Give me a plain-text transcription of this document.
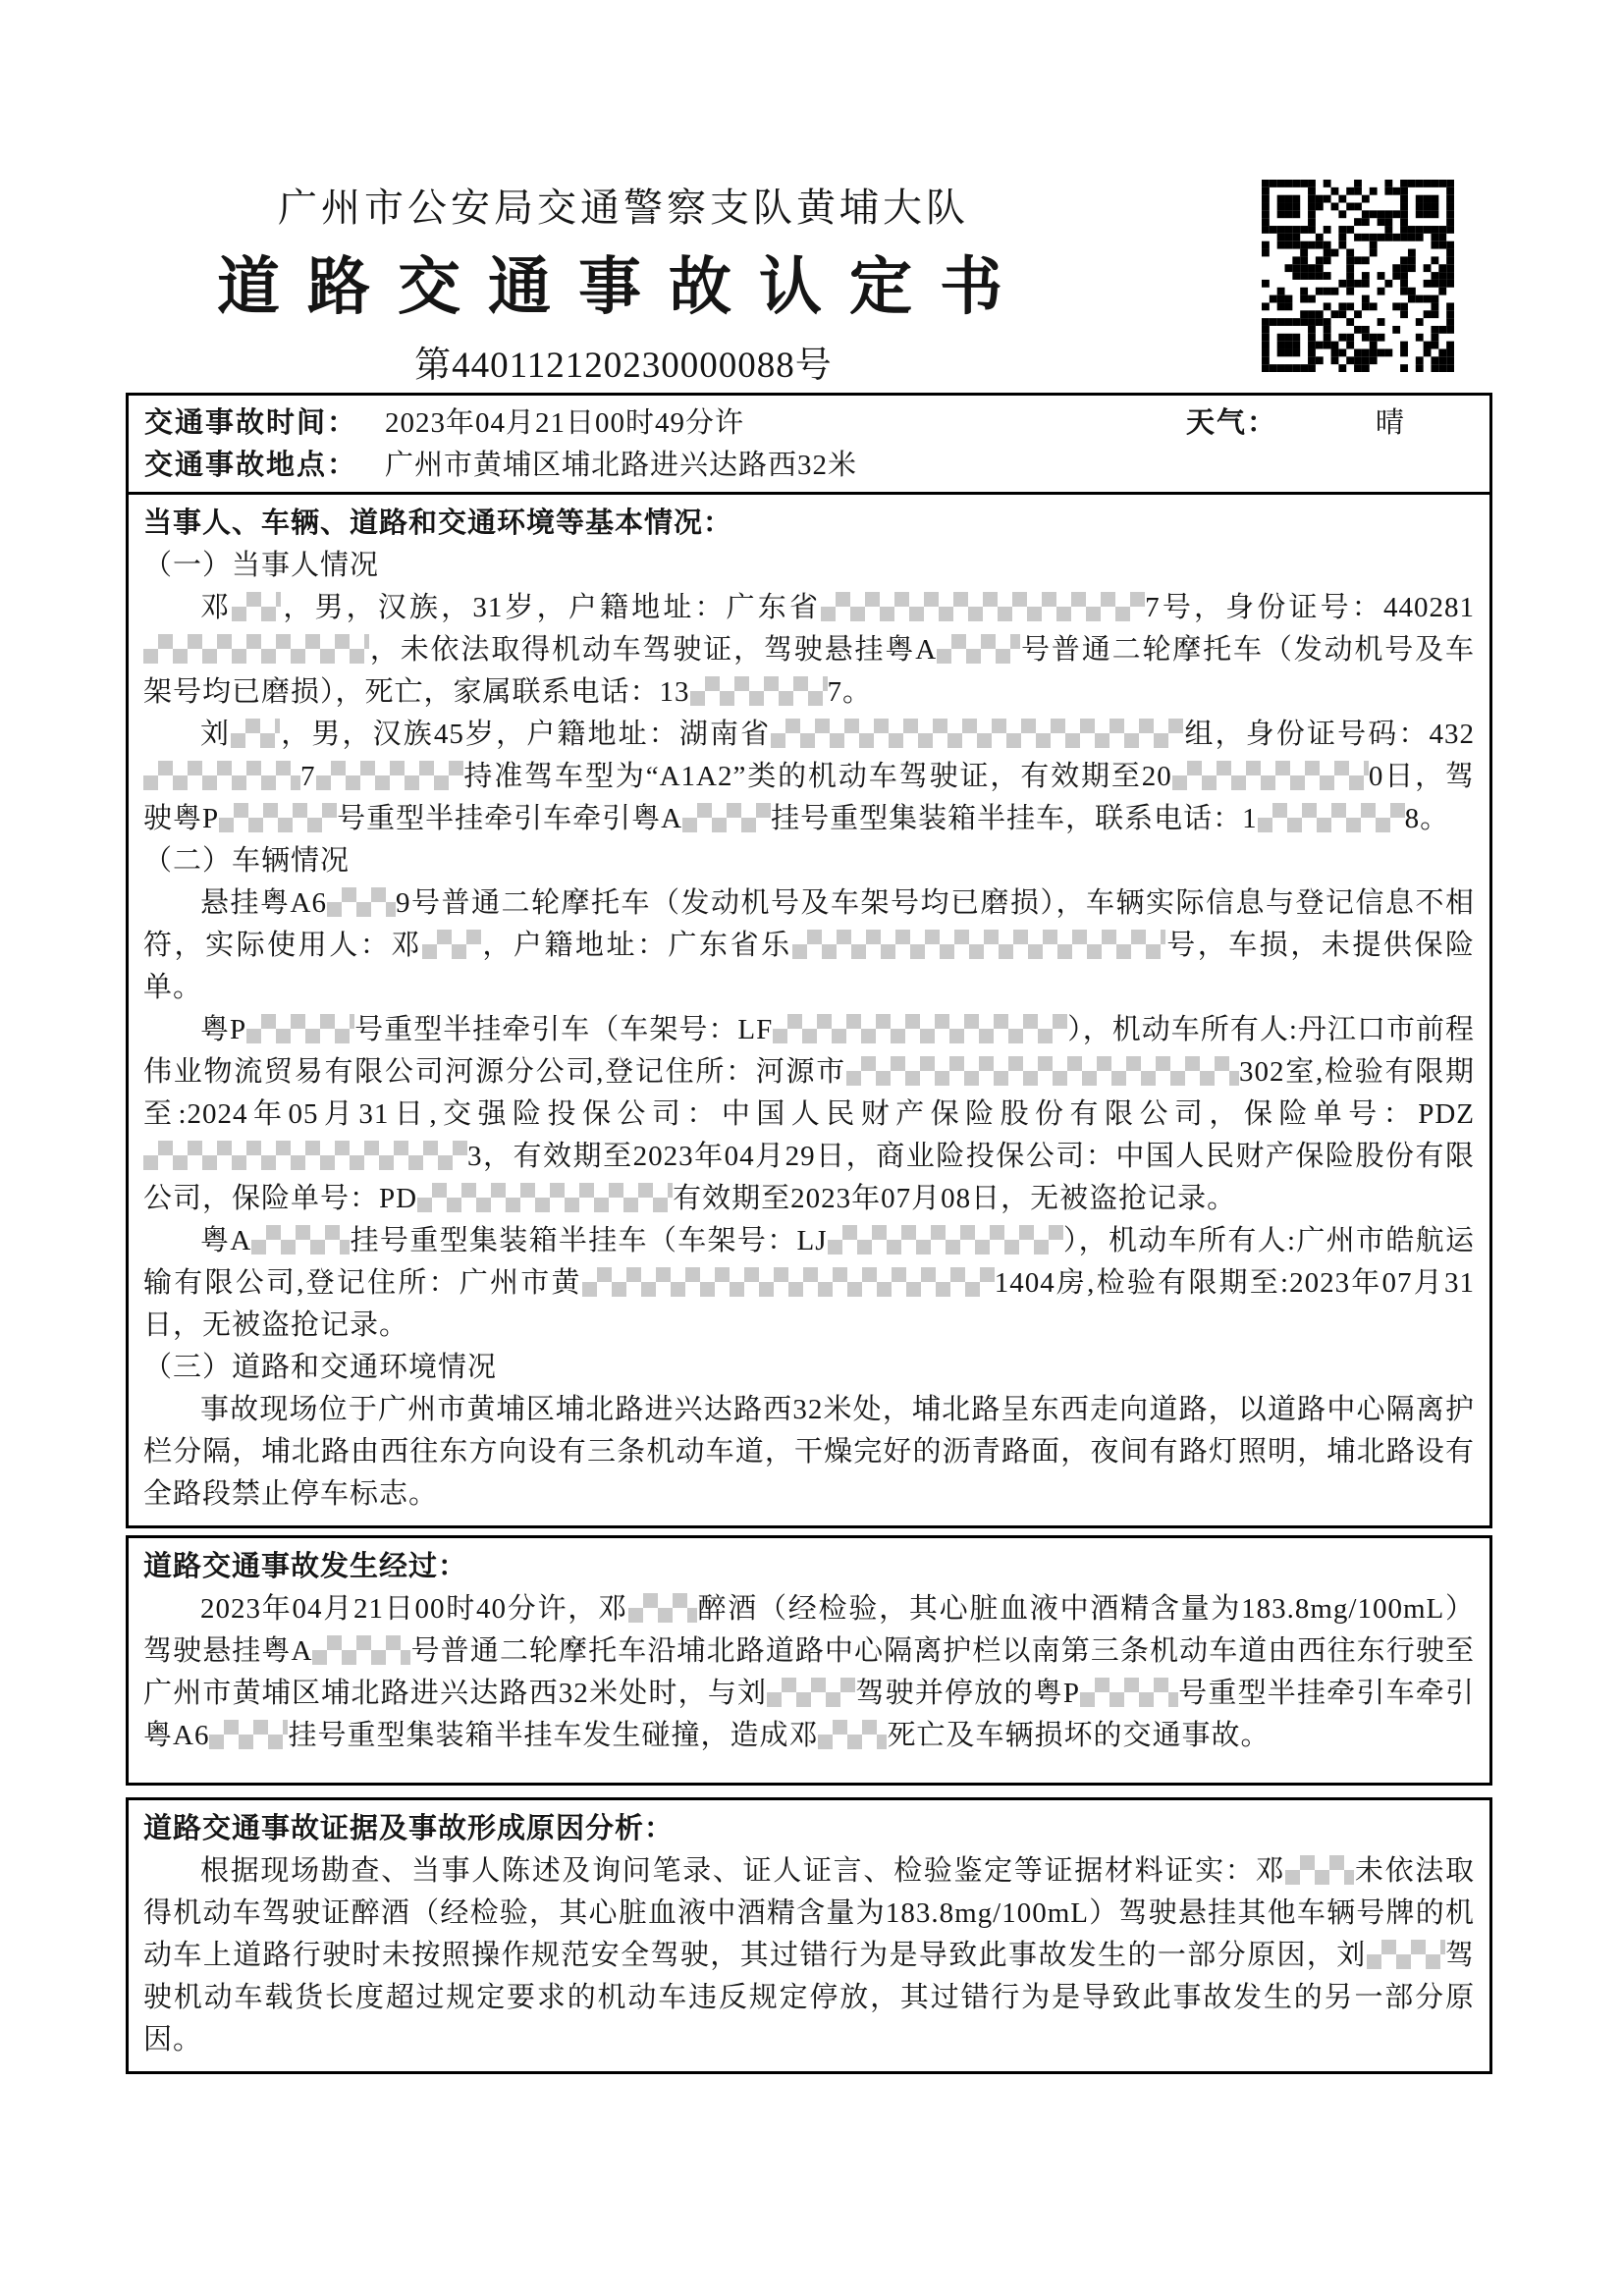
广州市公安局交通警察支队黄埔大队
道路交通事故认定书
第440112120230000088号
交通事故时间： 2023年04月21日00时49分许	天气：	晴
交通事故地点： 广州市黄埔区埔北路进兴达路西32米
当事人、车辆、道路和交通环境等基本情况：

（一）当事人情况

邓 ，男，汉族，31岁，户籍地址：广东省	7号，身份证号：440281，未依法取得机动车驾驶证，驾驶悬挂粤A	号普通二轮摩托车（发动机号及车架号均已磨损），死亡，家属联系电话：13	7。

刘 ，男，汉族45岁，户籍地址：湖南省	组，身份证号码：4327	持准驾车型为“A1A2”类的机动车驾驶证，有效期至20	0日，驾驶粤P	号重型半挂牵引车牵引粤A	挂号重型集装箱半挂车，联系电话：1	8。

（二）车辆情况

悬挂粤A6 9号普通二轮摩托车（发动机号及车架号均已磨损），车辆实际信息与登记信息不相符，实际使用人：邓 ，户籍地址：广东省乐	号，车损，未提供保险单。

粤P	号重型半挂牵引车（车架号：LF	），机动车所有人:丹江口市前程伟业物流贸易有限公司河源分公司,登记住所：河源市	302室,检验有限期至:2024年05月31日,交强险投保公司：中国人民财产保险股份有限公司，保险单号：PDZ3，有效期至2023年04月29日，商业险投保公司：中国人民财产保险股份有限公司，保险单号：PD	有效期至2023年07月08日，无被盗抢记录。

粤A	挂号重型集装箱半挂车（车架号：LJ	），机动车所有人:广州市皓航运输有限公司,登记住所：广州市黄	1404房,检验有限期至:2023年07月31日，无被盗抢记录。

（三）道路和交通环境情况

事故现场位于广州市黄埔区埔北路进兴达路西32米处，埔北路呈东西走向道路，以道路中心隔离护栏分隔，埔北路由西往东方向设有三条机动车道，干燥完好的沥青路面，夜间有路灯照明，埔北路设有全路段禁止停车标志。

道路交通事故发生经过：

2023年04月21日00时40分许，邓 醉酒（经检验，其心脏血液中酒精含量为183.8mg/100mL）驾驶悬挂粤A	号普通二轮摩托车沿埔北路道路中心隔离护栏以南第三条机动车道由西往东行驶至广州市黄埔区埔北路进兴达路西32米处时，与刘	驾驶并停放的粤P	号重型半挂牵引车牵引粤A6	挂号重型集装箱半挂车发生碰撞，造成邓 死亡及车辆损坏的交通事故。

道路交通事故证据及事故形成原因分析：

根据现场勘查、当事人陈述及询问笔录、证人证言、检验鉴定等证据材料证实：邓 未依法取得机动车驾驶证醉酒（经检验，其心脏血液中酒精含量为183.8mg/100mL）驾驶悬挂其他车辆号牌的机动车上道路行驶时未按照操作规范安全驾驶，其过错行为是导致此事故发生的一部分原因，刘	驾驶机动车载货长度超过规定要求的机动车违反规定停放，其过错行为是导致此事故发生的另一部分原因。
